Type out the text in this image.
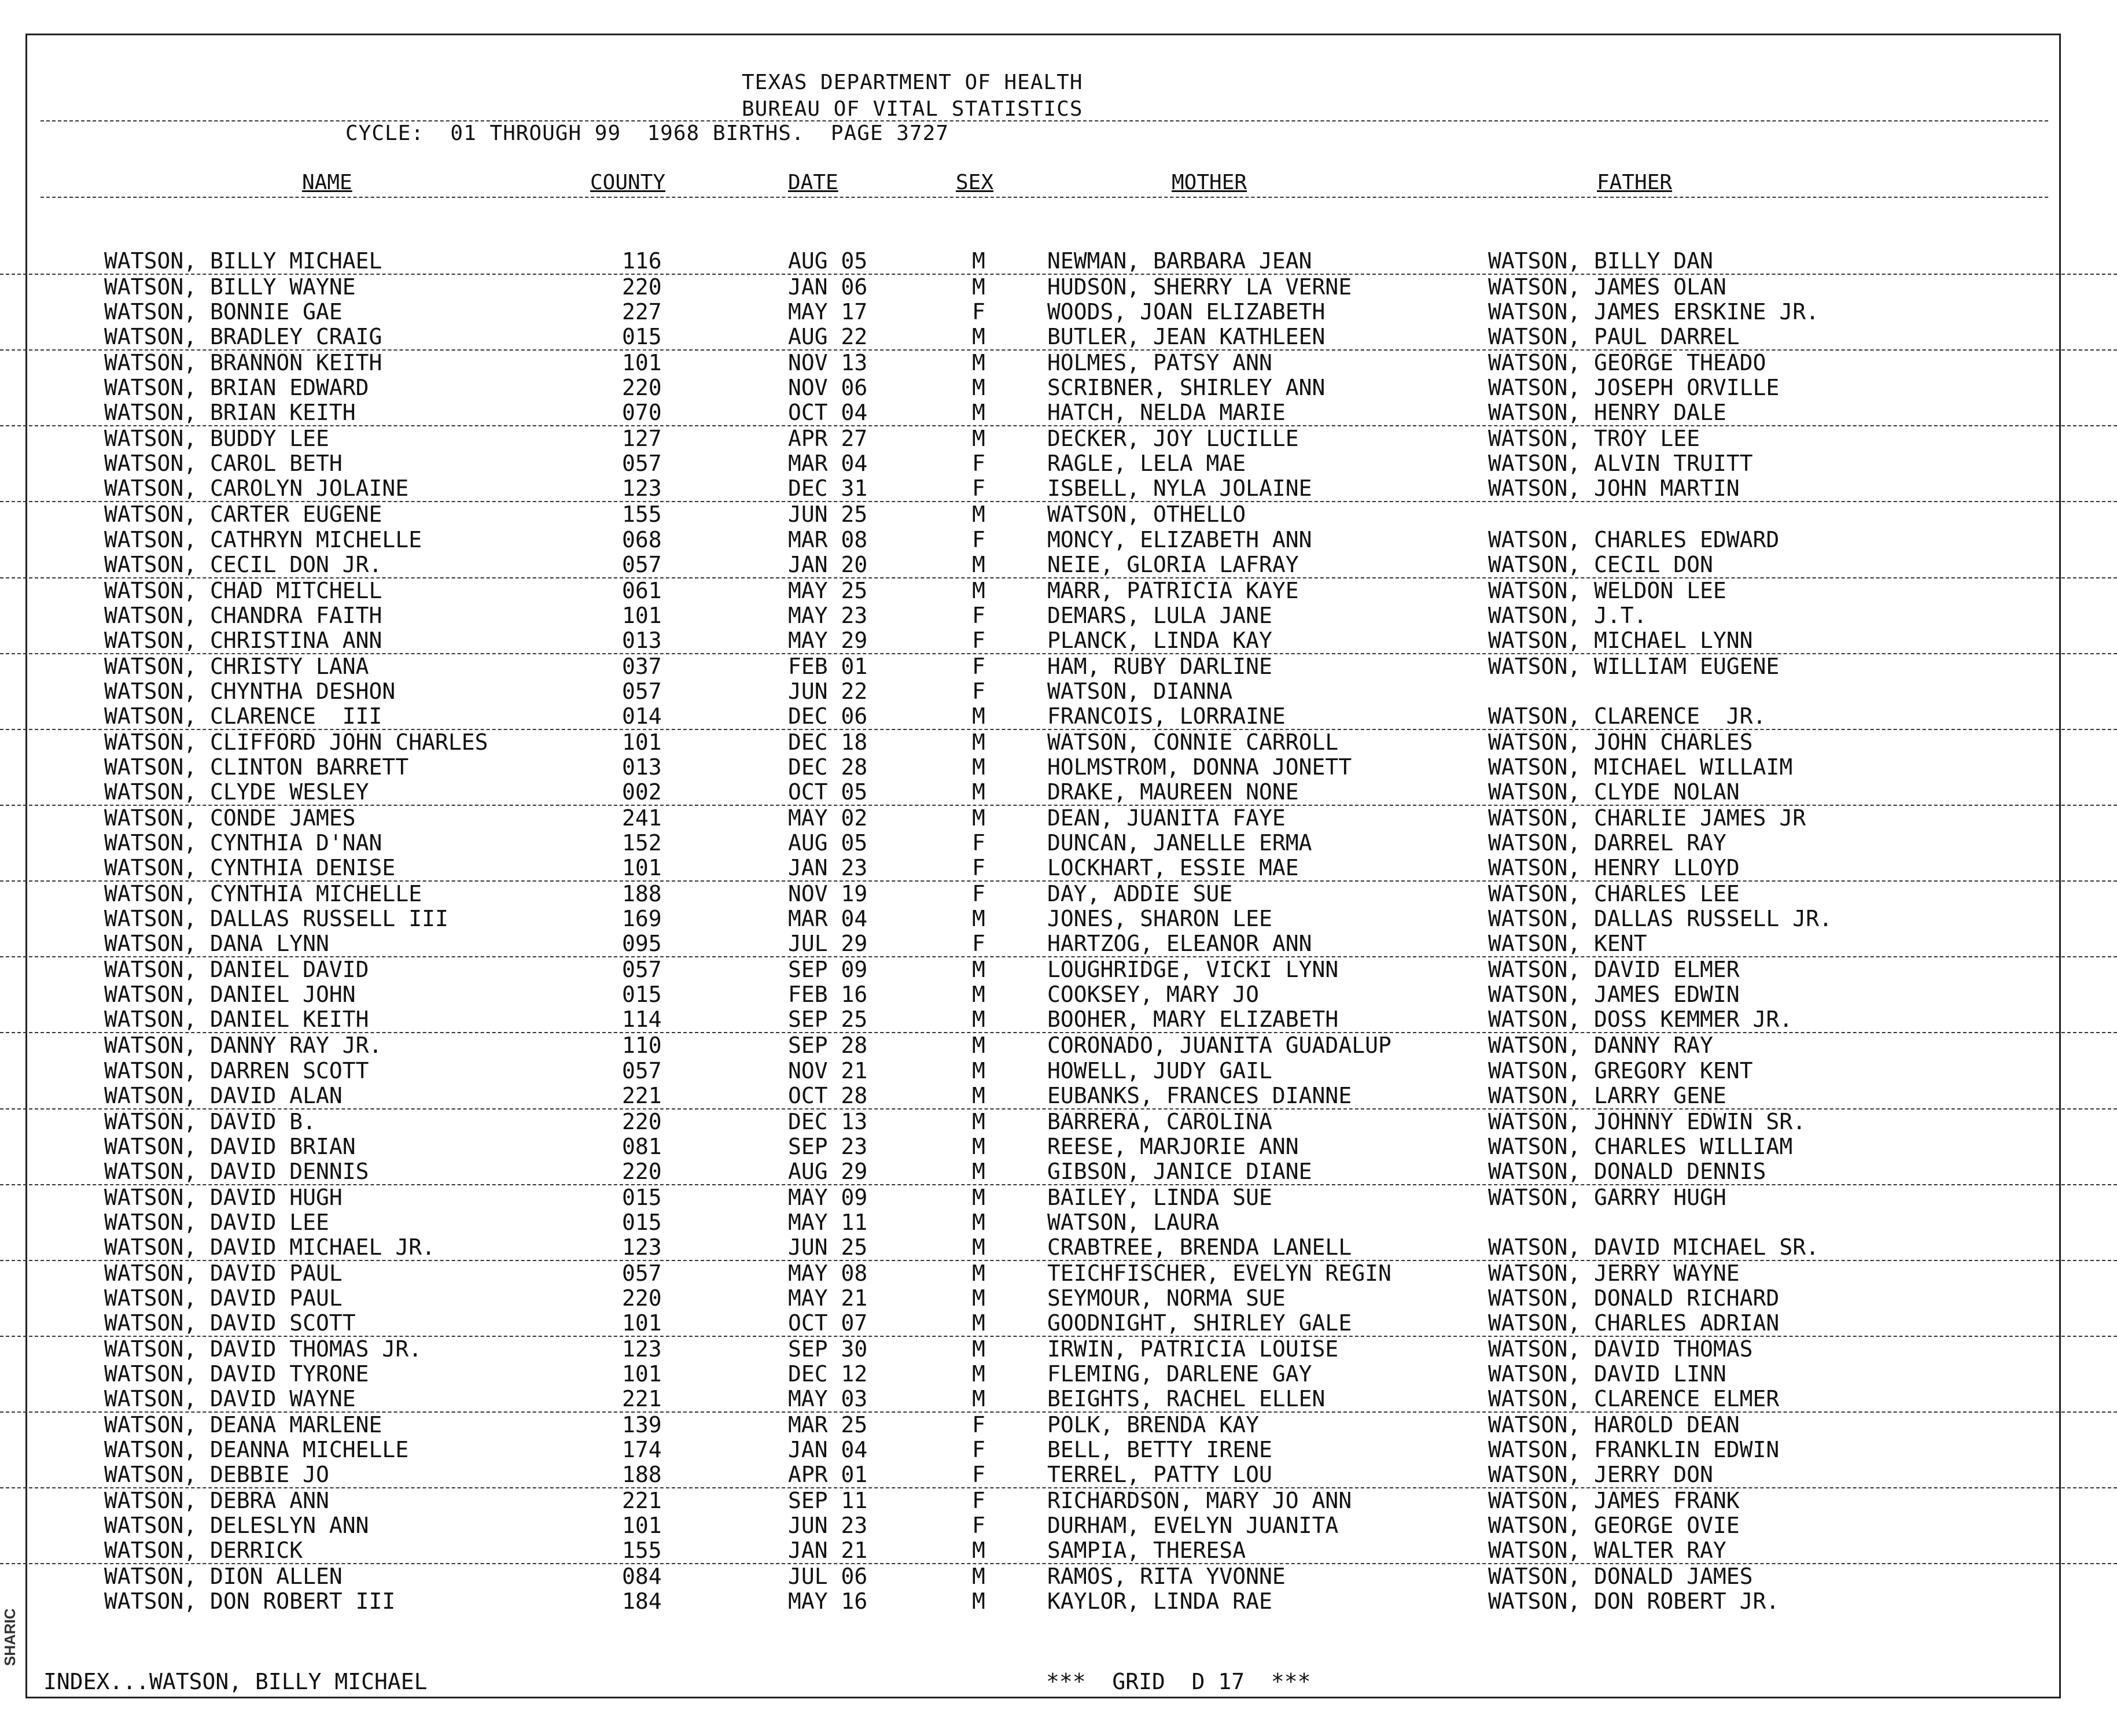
SHARIC
TEXAS DEPARTMENT OF HEALTH
BUREAU OF VITAL STATISTICS
CYCLE:  01 THROUGH 99  1968 BIRTHS.  PAGE 3727
NAME	COUNTY	DATE	SEX	MOTHER	FATHER
WATSON, BILLY MICHAEL	116	AUG 05	M	NEWMAN, BARBARA JEAN	WATSON, BILLY DAN
WATSON, BILLY WAYNE	220	JAN 06	M	HUDSON, SHERRY LA VERNE	WATSON, JAMES OLAN
WATSON, BONNIE GAE	227	MAY 17	F	WOODS, JOAN ELIZABETH	WATSON, JAMES ERSKINE JR.
WATSON, BRADLEY CRAIG	015	AUG 22	M	BUTLER, JEAN KATHLEEN	WATSON, PAUL DARREL
WATSON, BRANNON KEITH	101	NOV 13	M	HOLMES, PATSY ANN	WATSON, GEORGE THEADO
WATSON, BRIAN EDWARD	220	NOV 06	M	SCRIBNER, SHIRLEY ANN	WATSON, JOSEPH ORVILLE
WATSON, BRIAN KEITH	070	OCT 04	M	HATCH, NELDA MARIE	WATSON, HENRY DALE
WATSON, BUDDY LEE	127	APR 27	M	DECKER, JOY LUCILLE	WATSON, TROY LEE
WATSON, CAROL BETH	057	MAR 04	F	RAGLE, LELA MAE	WATSON, ALVIN TRUITT
WATSON, CAROLYN JOLAINE	123	DEC 31	F	ISBELL, NYLA JOLAINE	WATSON, JOHN MARTIN
WATSON, CARTER EUGENE	155	JUN 25	M	WATSON, OTHELLO
WATSON, CATHRYN MICHELLE	068	MAR 08	F	MONCY, ELIZABETH ANN	WATSON, CHARLES EDWARD
WATSON, CECIL DON JR.	057	JAN 20	M	NEIE, GLORIA LAFRAY	WATSON, CECIL DON
WATSON, CHAD MITCHELL	061	MAY 25	M	MARR, PATRICIA KAYE	WATSON, WELDON LEE
WATSON, CHANDRA FAITH	101	MAY 23	F	DEMARS, LULA JANE	WATSON, J.T.
WATSON, CHRISTINA ANN	013	MAY 29	F	PLANCK, LINDA KAY	WATSON, MICHAEL LYNN
WATSON, CHRISTY LANA	037	FEB 01	F	HAM, RUBY DARLINE	WATSON, WILLIAM EUGENE
WATSON, CHYNTHA DESHON	057	JUN 22	F	WATSON, DIANNA
WATSON, CLARENCE  III	014	DEC 06	M	FRANCOIS, LORRAINE	WATSON, CLARENCE  JR.
WATSON, CLIFFORD JOHN CHARLES	101	DEC 18	M	WATSON, CONNIE CARROLL	WATSON, JOHN CHARLES
WATSON, CLINTON BARRETT	013	DEC 28	M	HOLMSTROM, DONNA JONETT	WATSON, MICHAEL WILLAIM
WATSON, CLYDE WESLEY	002	OCT 05	M	DRAKE, MAUREEN NONE	WATSON, CLYDE NOLAN
WATSON, CONDE JAMES	241	MAY 02	M	DEAN, JUANITA FAYE	WATSON, CHARLIE JAMES JR
WATSON, CYNTHIA D'NAN	152	AUG 05	F	DUNCAN, JANELLE ERMA	WATSON, DARREL RAY
WATSON, CYNTHIA DENISE	101	JAN 23	F	LOCKHART, ESSIE MAE	WATSON, HENRY LLOYD
WATSON, CYNTHIA MICHELLE	188	NOV 19	F	DAY, ADDIE SUE	WATSON, CHARLES LEE
WATSON, DALLAS RUSSELL III	169	MAR 04	M	JONES, SHARON LEE	WATSON, DALLAS RUSSELL JR.
WATSON, DANA LYNN	095	JUL 29	F	HARTZOG, ELEANOR ANN	WATSON, KENT
WATSON, DANIEL DAVID	057	SEP 09	M	LOUGHRIDGE, VICKI LYNN	WATSON, DAVID ELMER
WATSON, DANIEL JOHN	015	FEB 16	M	COOKSEY, MARY JO	WATSON, JAMES EDWIN
WATSON, DANIEL KEITH	114	SEP 25	M	BOOHER, MARY ELIZABETH	WATSON, DOSS KEMMER JR.
WATSON, DANNY RAY JR.	110	SEP 28	M	CORONADO, JUANITA GUADALUP	WATSON, DANNY RAY
WATSON, DARREN SCOTT	057	NOV 21	M	HOWELL, JUDY GAIL	WATSON, GREGORY KENT
WATSON, DAVID ALAN	221	OCT 28	M	EUBANKS, FRANCES DIANNE	WATSON, LARRY GENE
WATSON, DAVID B.	220	DEC 13	M	BARRERA, CAROLINA	WATSON, JOHNNY EDWIN SR.
WATSON, DAVID BRIAN	081	SEP 23	M	REESE, MARJORIE ANN	WATSON, CHARLES WILLIAM
WATSON, DAVID DENNIS	220	AUG 29	M	GIBSON, JANICE DIANE	WATSON, DONALD DENNIS
WATSON, DAVID HUGH	015	MAY 09	M	BAILEY, LINDA SUE	WATSON, GARRY HUGH
WATSON, DAVID LEE	015	MAY 11	M	WATSON, LAURA
WATSON, DAVID MICHAEL JR.	123	JUN 25	M	CRABTREE, BRENDA LANELL	WATSON, DAVID MICHAEL SR.
WATSON, DAVID PAUL	057	MAY 08	M	TEICHFISCHER, EVELYN REGIN	WATSON, JERRY WAYNE
WATSON, DAVID PAUL	220	MAY 21	M	SEYMOUR, NORMA SUE	WATSON, DONALD RICHARD
WATSON, DAVID SCOTT	101	OCT 07	M	GOODNIGHT, SHIRLEY GALE	WATSON, CHARLES ADRIAN
WATSON, DAVID THOMAS JR.	123	SEP 30	M	IRWIN, PATRICIA LOUISE	WATSON, DAVID THOMAS
WATSON, DAVID TYRONE	101	DEC 12	M	FLEMING, DARLENE GAY	WATSON, DAVID LINN
WATSON, DAVID WAYNE	221	MAY 03	M	BEIGHTS, RACHEL ELLEN	WATSON, CLARENCE ELMER
WATSON, DEANA MARLENE	139	MAR 25	F	POLK, BRENDA KAY	WATSON, HAROLD DEAN
WATSON, DEANNA MICHELLE	174	JAN 04	F	BELL, BETTY IRENE	WATSON, FRANKLIN EDWIN
WATSON, DEBBIE JO	188	APR 01	F	TERREL, PATTY LOU	WATSON, JERRY DON
WATSON, DEBRA ANN	221	SEP 11	F	RICHARDSON, MARY JO ANN	WATSON, JAMES FRANK
WATSON, DELESLYN ANN	101	JUN 23	F	DURHAM, EVELYN JUANITA	WATSON, GEORGE OVIE
WATSON, DERRICK	155	JAN 21	M	SAMPIA, THERESA	WATSON, WALTER RAY
WATSON, DION ALLEN	084	JUL 06	M	RAMOS, RITA YVONNE	WATSON, DONALD JAMES
WATSON, DON ROBERT III	184	MAY 16	M	KAYLOR, LINDA RAE	WATSON, DON ROBERT JR.
INDEX...WATSON, BILLY MICHAEL	***  GRID  D 17  ***
